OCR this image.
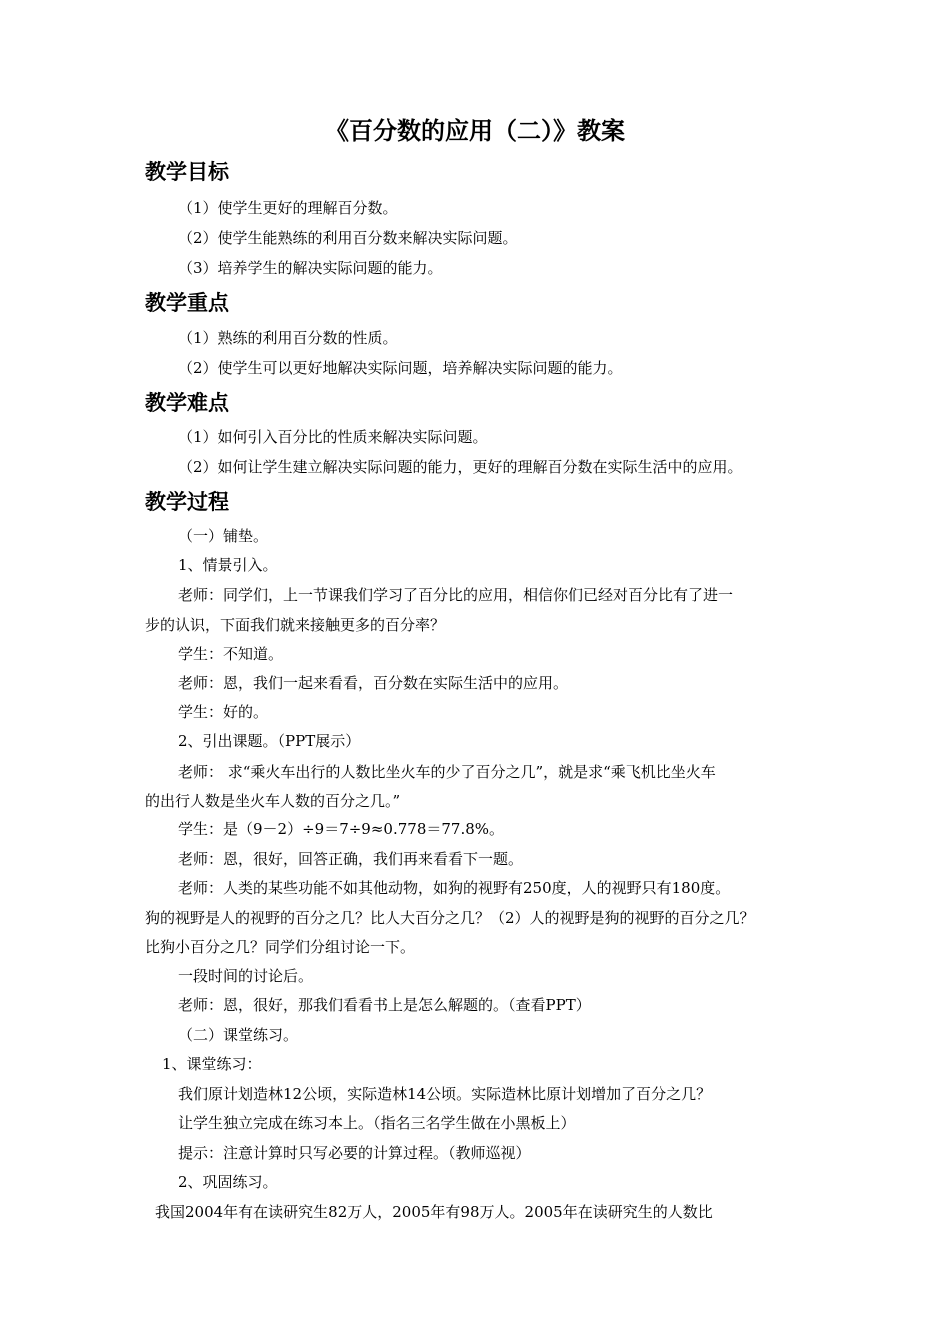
《百分数的应用（二）》教案
教学目标
（1）使学生更好的理解百分数。
（2）使学生能熟练的利用百分数来解决实际问题。
（3）培养学生的解决实际问题的能力。
教学重点
（1）熟练的利用百分数的性质。
（2）使学生可以更好地解决实际问题，培养解决实际问题的能力。
教学难点
（1）如何引入百分比的性质来解决实际问题。
（2）如何让学生建立解决实际问题的能力，更好的理解百分数在实际生活中的应用。
教学过程
（一）铺垫。
1、情景引入。
老师：同学们，上一节课我们学习了百分比的应用，相信你们已经对百分比有了进一
步的认识，下面我们就来接触更多的百分率？
学生：不知道。
老师：恩，我们一起来看看，百分数在实际生活中的应用。
学生：好的。
2、引出课题。（PPT展示）
老师： 求“乘火车出行的人数比坐火车的少了百分之几”，就是求“乘飞机比坐火车
的出行人数是坐火车人数的百分之几。”
学生：是（9－2）÷9＝7÷9≈0.778＝77.8%。
老师：恩，很好，回答正确，我们再来看看下一题。
老师：人类的某些功能不如其他动物，如狗的视野有250度，人的视野只有180度。
狗的视野是人的视野的百分之几？比人大百分之几？（2）人的视野是狗的视野的百分之几？
比狗小百分之几？同学们分组讨论一下。
一段时间的讨论后。
老师：恩，很好，那我们看看书上是怎么解题的。（查看PPT）
（二）课堂练习。
1、课堂练习：
我们原计划造林12公顷，实际造林14公顷。实际造林比原计划增加了百分之几？
让学生独立完成在练习本上。（指名三名学生做在小黑板上）
提示：注意计算时只写必要的计算过程。（教师巡视）
2、巩固练习。
我国2004年有在读研究生82万人，2005年有98万人。2005年在读研究生的人数比
